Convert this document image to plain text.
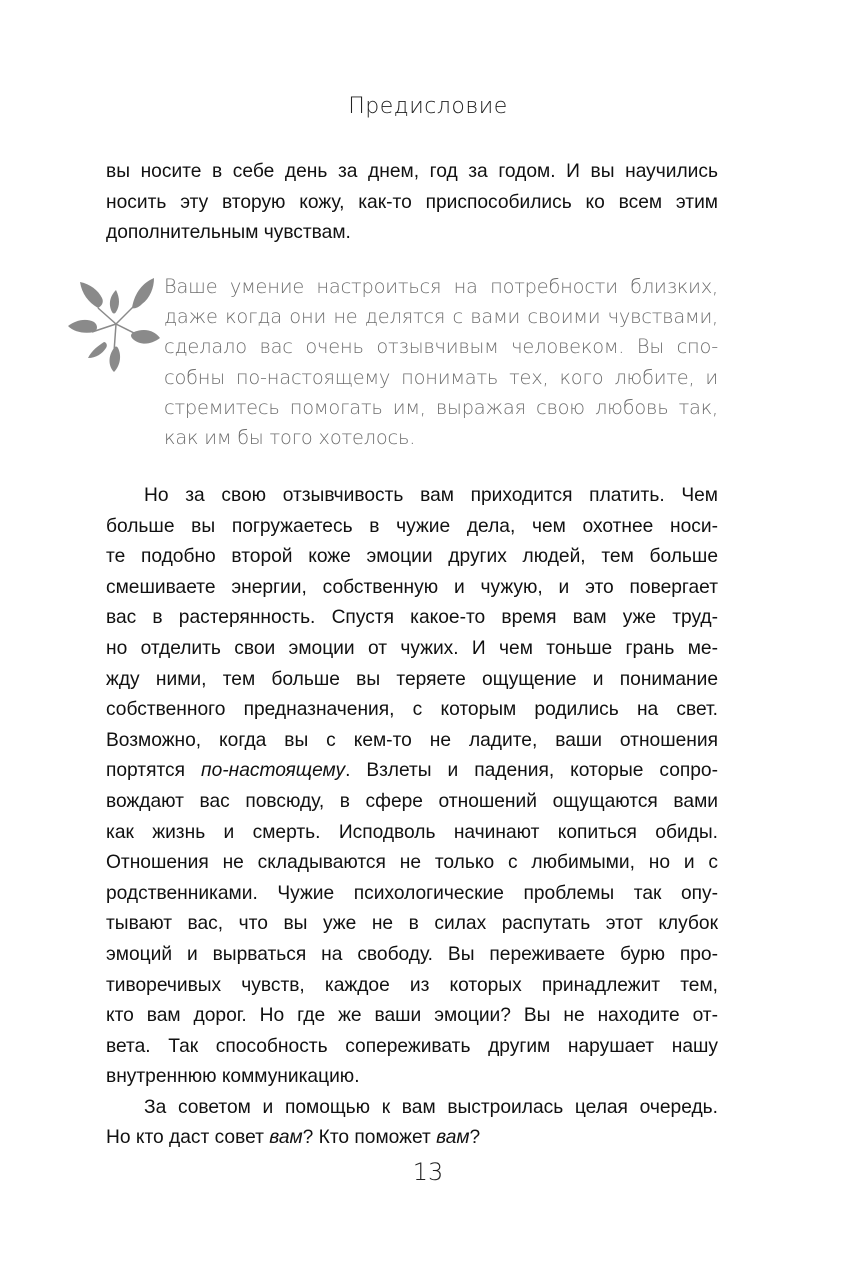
Предисловие

вы носите в себе день за днем, год за годом. И вы научились
носить эту вторую кожу, как-то приспособились ко всем этим
дополнительным чувствам.

Ваше умение настроиться на потребности близких,
даже когда они не делятся с вами своими чувствами,
сделало вас очень отзывчивым человеком. Вы спо-
собны по-настоящему понимать тех, кого любите, и
стремитесь помогать им, выражая свою любовь так,
как им бы того хотелось.

Но за свою отзывчивость вам приходится платить. Чем
больше вы погружаетесь в чужие дела, чем охотнее носи-
те подобно второй коже эмоции других людей, тем больше
смешиваете энергии, собственную и чужую, и это повергает
вас в растерянность. Спустя какое-то время вам уже труд-
но отделить свои эмоции от чужих. И чем тоньше грань ме-
жду ними, тем больше вы теряете ощущение и понимание
собственного предназначения, с которым родились на свет.
Возможно, когда вы с кем-то не ладите, ваши отношения
портятся по-настоящему. Взлеты и падения, которые сопро-
вождают вас повсюду, в сфере отношений ощущаются вами
как жизнь и смерть. Исподволь начинают копиться обиды.
Отношения не складываются не только с любимыми, но и с
родственниками. Чужие психологические проблемы так опу-
тывают вас, что вы уже не в силах распутать этот клубок
эмоций и вырваться на свободу. Вы переживаете бурю про-
тиворечивых чувств, каждое из которых принадлежит тем,
кто вам дорог. Но где же ваши эмоции? Вы не находите от-
вета. Так способность сопереживать другим нарушает нашу
внутреннюю коммуникацию.

За советом и помощью к вам выстроилась целая очередь.
Но кто даст совет вам? Кто поможет вам?

13
